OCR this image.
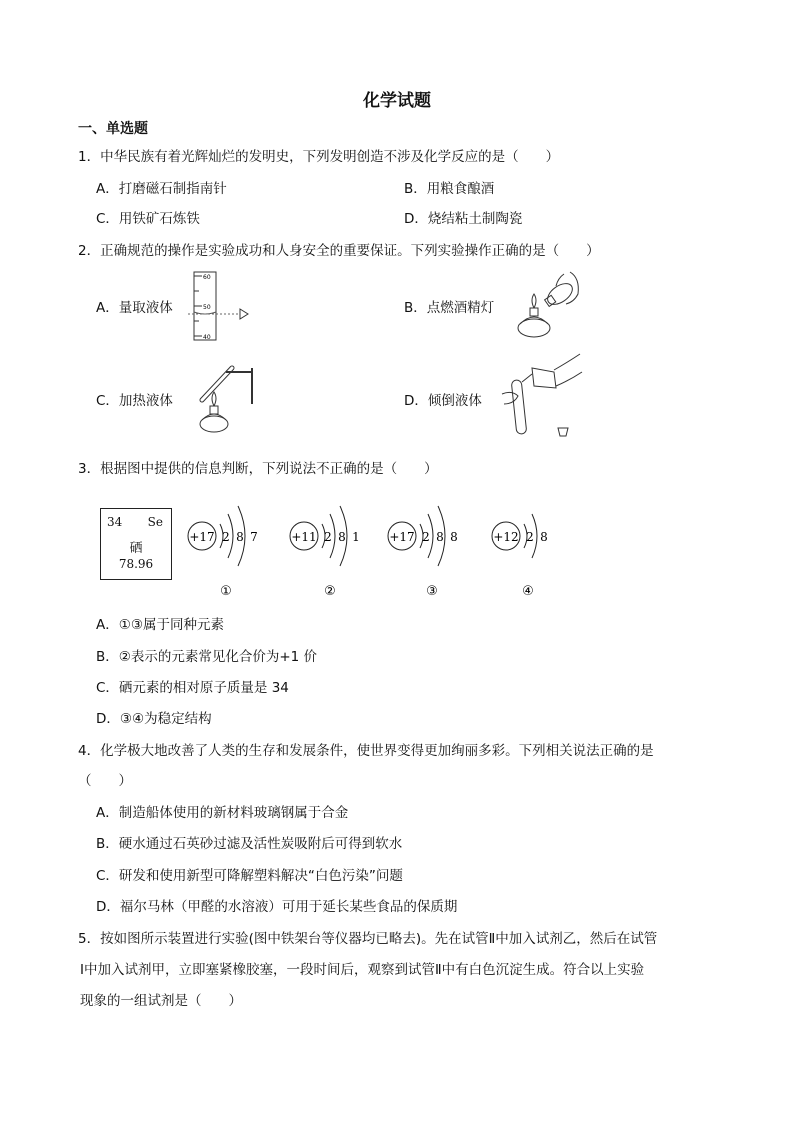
化学试题
一、单选题
1．中华民族有着光辉灿烂的发明史，下列发明创造不涉及化学反应的是（　　）
A．打磨磁石制指南针	B．用粮食酿酒
C．用铁矿石炼铁	D．烧结粘土制陶瓷
2．正确规范的操作是实验成功和人身安全的重要保证。下列实验操作正确的是（　　）
A．量取液体	B．点燃酒精灯
C．加热液体	D．倾倒液体
60
50
40
3．根据图中提供的信息判断，下列说法不正确的是（　　）
34 Se
硒
78.96
+17 2 8 7
①
+11 2 8 1
②
+17 2 8 8
③
+12 2 8
④
A．①③属于同种元素
B．②表示的元素常见化合价为+1 价
C．硒元素的相对原子质量是 34
D．③④为稳定结构
4．化学极大地改善了人类的生存和发展条件，使世界变得更加绚丽多彩。下列相关说法正确的是
（　　）
A．制造船体使用的新材料玻璃钢属于合金
B．硬水通过石英砂过滤及活性炭吸附后可得到软水
C．研发和使用新型可降解塑料解决“白色污染”问题
D．福尔马林（甲醛的水溶液）可用于延长某些食品的保质期
5．按如图所示装置进行实验(图中铁架台等仪器均已略去)。先在试管Ⅱ中加入试剂乙，然后在试管
Ⅰ中加入试剂甲，立即塞紧橡胶塞，一段时间后，观察到试管Ⅱ中有白色沉淀生成。符合以上实验
现象的一组试剂是（　　）
